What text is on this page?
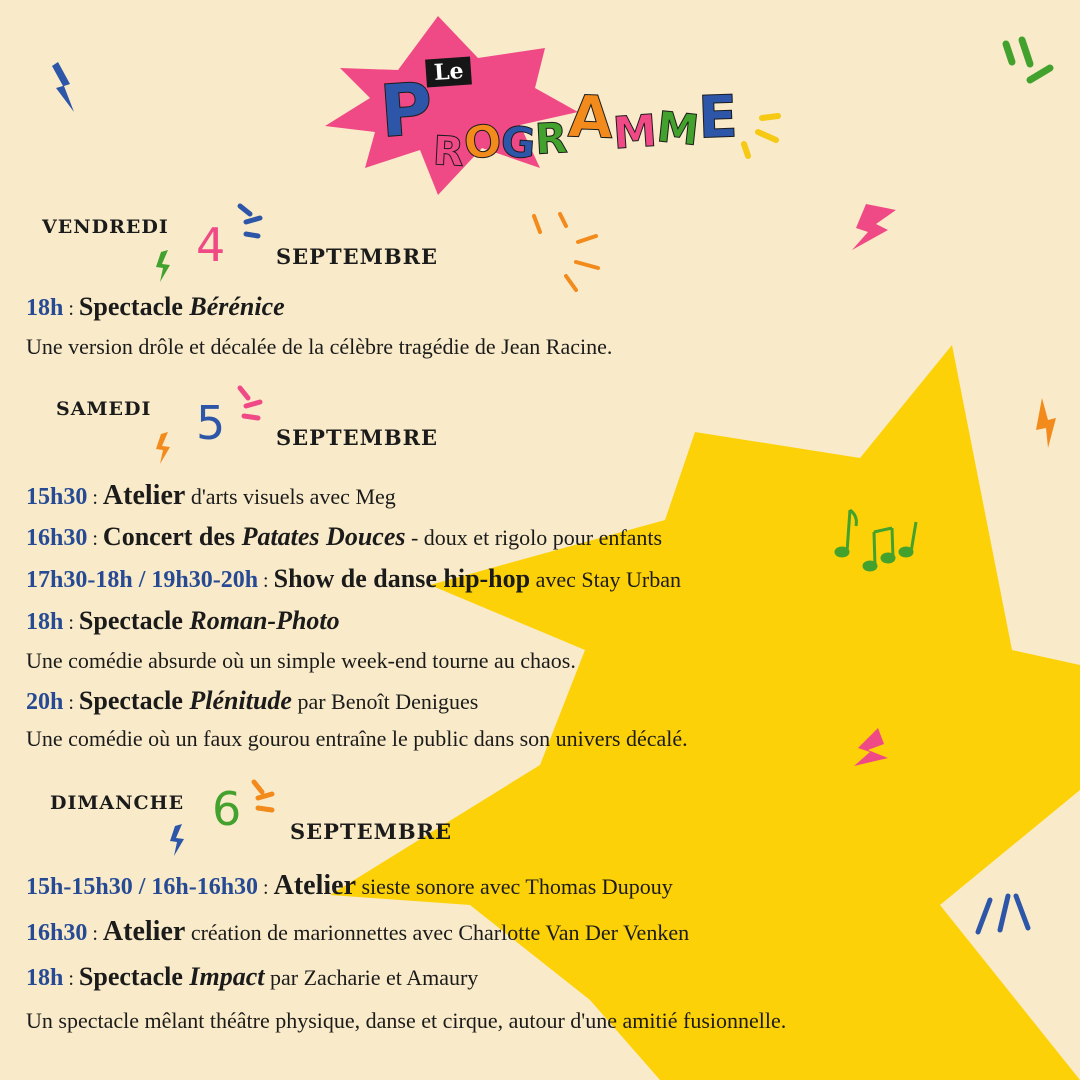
Le
PROGRAMME
VENDREDI 4 SEPTEMBRE
18h : Spectacle Bérénice
Une version drôle et décalée de la célèbre tragédie de Jean Racine.
SAMEDI 5 SEPTEMBRE
15h30 : Atelier d'arts visuels avec Meg
16h30 : Concert des Patates Douces - doux et rigolo pour enfants
17h30-18h / 19h30-20h : Show de danse hip-hop avec Stay Urban
18h : Spectacle Roman-Photo
Une comédie absurde où un simple week-end tourne au chaos.
20h : Spectacle Plénitude par Benoît Denigues
Une comédie où un faux gourou entraîne le public dans son univers décalé.
DIMANCHE 6 SEPTEMBRE
15h-15h30 / 16h-16h30 : Atelier sieste sonore avec Thomas Dupouy
16h30 : Atelier création de marionnettes avec Charlotte Van Der Venken
18h : Spectacle Impact par Zacharie et Amaury
Un spectacle mêlant théâtre physique, danse et cirque, autour d'une amitié fusionnelle.
